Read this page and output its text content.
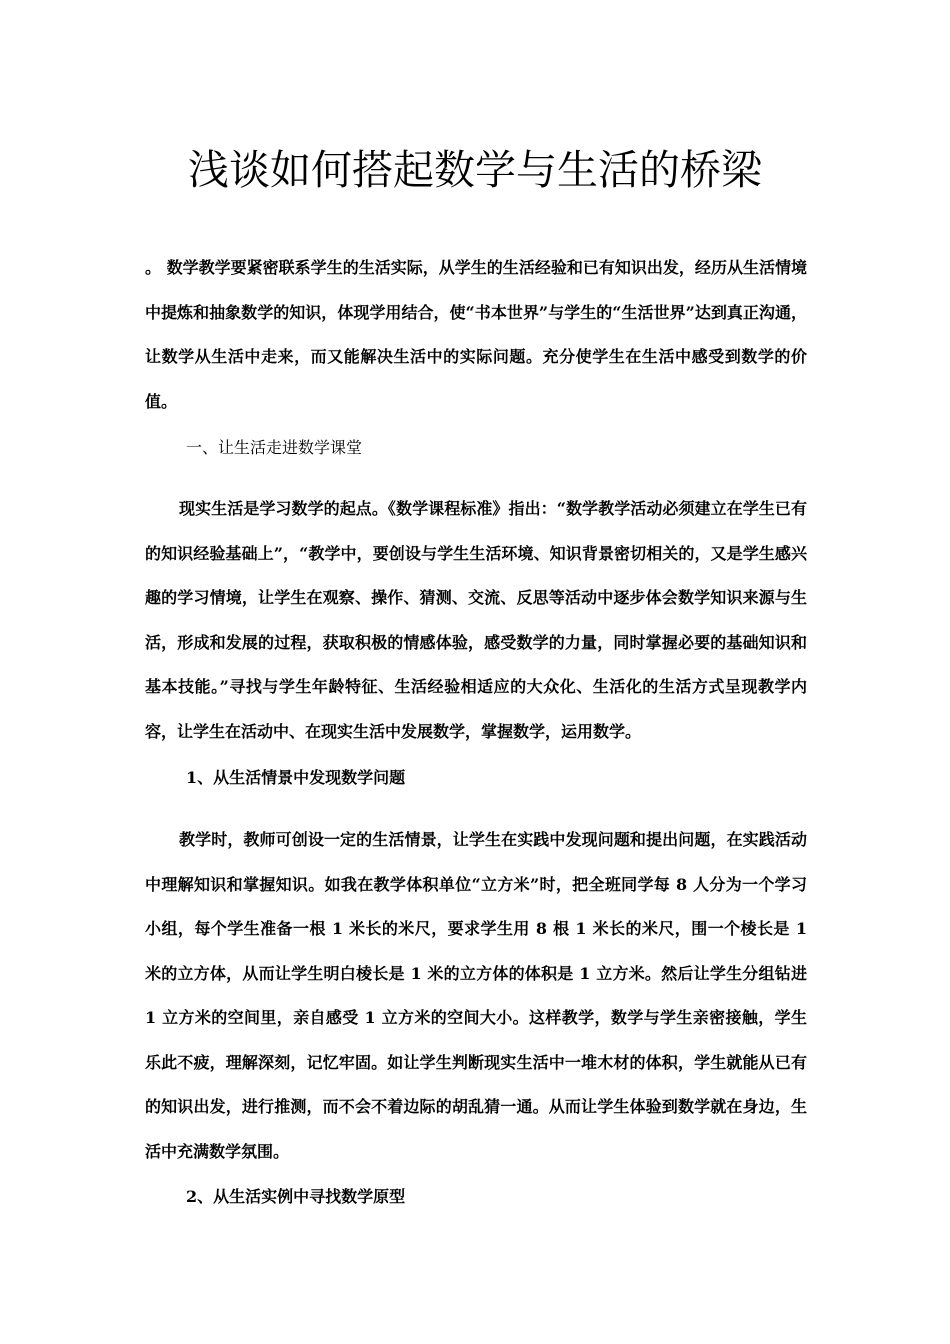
浅谈如何搭起数学与生活的桥梁

。 数学教学要紧密联系学生的生活实际，从学生的生活经验和已有知识出发，经历从生活情境中提炼和抽象数学的知识，体现学用结合，使“书本世界”与学生的“生活世界”达到真正沟通，让数学从生活中走来，而又能解决生活中的实际问题。充分使学生在生活中感受到数学的价值。

一、让生活走进数学课堂

现实生活是学习数学的起点。《数学课程标准》指出：“数学教学活动必须建立在学生已有的知识经验基础上”，“教学中，要创设与学生生活环境、知识背景密切相关的，又是学生感兴趣的学习情境，让学生在观察、操作、猜测、交流、反思等活动中逐步体会数学知识来源与生活，形成和发展的过程，获取积极的情感体验，感受数学的力量，同时掌握必要的基础知识和基本技能。”寻找与学生年龄特征、生活经验相适应的大众化、生活化的生活方式呈现教学内容，让学生在活动中、在现实生活中发展数学，掌握数学，运用数学。

1、从生活情景中发现数学问题

教学时，教师可创设一定的生活情景，让学生在实践中发现问题和提出问题，在实践活动中理解知识和掌握知识。如我在教学体积单位“立方米”时，把全班同学每 8 人分为一个学习小组，每个学生准备一根 1 米长的米尺，要求学生用 8 根 1 米长的米尺，围一个棱长是 1 米的立方体，从而让学生明白棱长是 1 米的立方体的体积是 1 立方米。然后让学生分组钻进 1 立方米的空间里，亲自感受 1 立方米的空间大小。这样教学，数学与学生亲密接触，学生乐此不疲，理解深刻，记忆牢固。如让学生判断现实生活中一堆木材的体积，学生就能从已有的知识出发，进行推测，而不会不着边际的胡乱猜一通。从而让学生体验到数学就在身边，生活中充满数学氛围。

2、从生活实例中寻找数学原型
